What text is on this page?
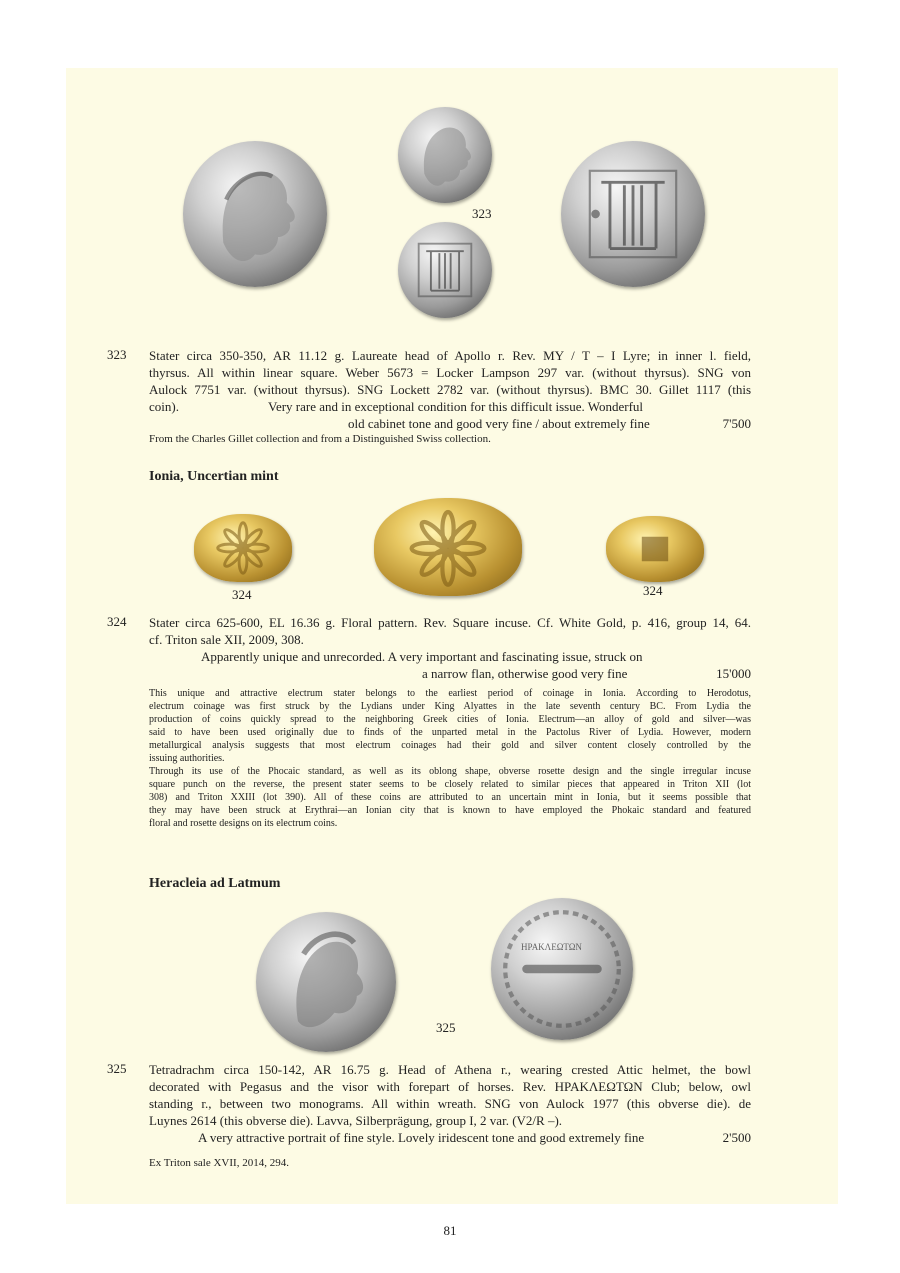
323
323 Stater circa 350-350, AR 11.12 g. Laureate head of Apollo r. Rev. MY / T – I Lyre; in inner l. field,
thyrsus. All within linear square. Weber 5673 = Locker Lampson 297 var. (without thyrsus). SNG von
Aulock 7751 var. (without thyrsus). SNG Lockett 2782 var. (without thyrsus). BMC 30. Gillet 1117 (this
coin).	Very rare and in exceptional condition for this difficult issue. Wonderful
old cabinet tone and good very fine / about extremely fine	7'500
From the Charles Gillet collection and from a Distinguished Swiss collection.
Ionia, Uncertian mint
324	324
324 Stater circa 625-600, EL 16.36 g. Floral pattern. Rev. Square incuse. Cf. White Gold, p. 416, group 14, 64.
cf. Triton sale XII, 2009, 308.
Apparently unique and unrecorded. A very important and fascinating issue, struck on
a narrow flan, otherwise good very fine	15'000
This unique and attractive electrum stater belongs to the earliest period of coinage in Ionia. According to Herodotus,
electrum coinage was first struck by the Lydians under King Alyattes in the late seventh century BC. From Lydia the
production of coins quickly spread to the neighboring Greek cities of Ionia. Electrum—an alloy of gold and silver—was
said to have been used originally due to finds of the unparted metal in the Pactolus River of Lydia. However, modern
metallurgical analysis suggests that most electrum coinages had their gold and silver content closely controlled by the
issuing authorities.
Through its use of the Phocaic standard, as well as its oblong shape, obverse rosette design and the single irregular incuse
square punch on the reverse, the present stater seems to be closely related to similar pieces that appeared in Triton XII (lot
308) and Triton XXIII (lot 390). All of these coins are attributed to an uncertain mint in Ionia, but it seems possible that
they may have been struck at Erythrai—an Ionian city that is known to have employed the Phokaic standard and featured
floral and rosette designs on its electrum coins.
Heracleia ad Latmum
ΗΡΑΚΛΕΩΤΩΝ
325
325 Tetradrachm circa 150-142, AR 16.75 g. Head of Athena r., wearing crested Attic helmet, the bowl
decorated with Pegasus and the visor with forepart of horses. Rev. ΗΡΑΚΛΕΩΤΩΝ Club; below, owl
standing r., between two monograms. All within wreath. SNG von Aulock 1977 (this obverse die). de
Luynes 2614 (this obverse die). Lavva, Silberprägung, group I, 2 var. (V2/R –).
A very attractive portrait of fine style. Lovely iridescent tone and good extremely fine	2'500
Ex Triton sale XVII, 2014, 294.
81
